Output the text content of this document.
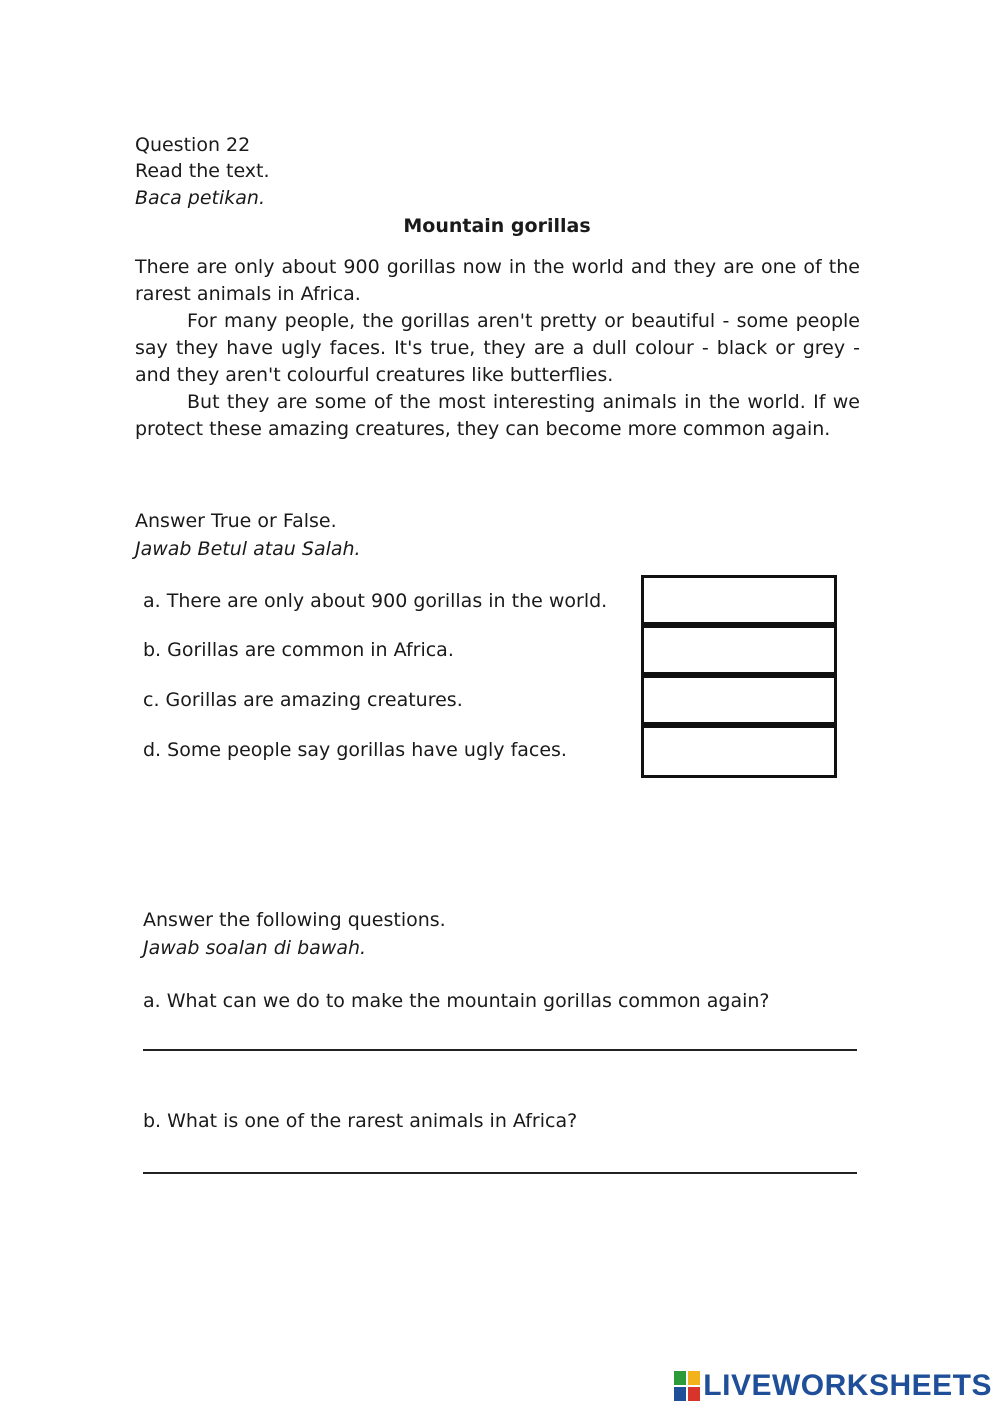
Question 22
Read the text.
Baca petikan.
Mountain gorillas

There are only about 900 gorillas now in the world and they are one of the rarest animals in Africa.

For many people, the gorillas aren't pretty or beautiful - some people say they have ugly faces. It's true, they are a dull colour - black or grey - and they aren't colourful creatures like butterflies.

But they are some of the most interesting animals in the world. If we protect these amazing creatures, they can become more common again.

Answer True or False.
Jawab Betul atau Salah.
a. There are only about 900 gorillas in the world.
b. Gorillas are common in Africa.
c. Gorillas are amazing creatures.
d. Some people say gorillas have ugly faces.
Answer the following questions.
Jawab soalan di bawah.
a. What can we do to make the mountain gorillas common again?
b. What is one of the rarest animals in Africa?
LIVEWORKSHEETS
